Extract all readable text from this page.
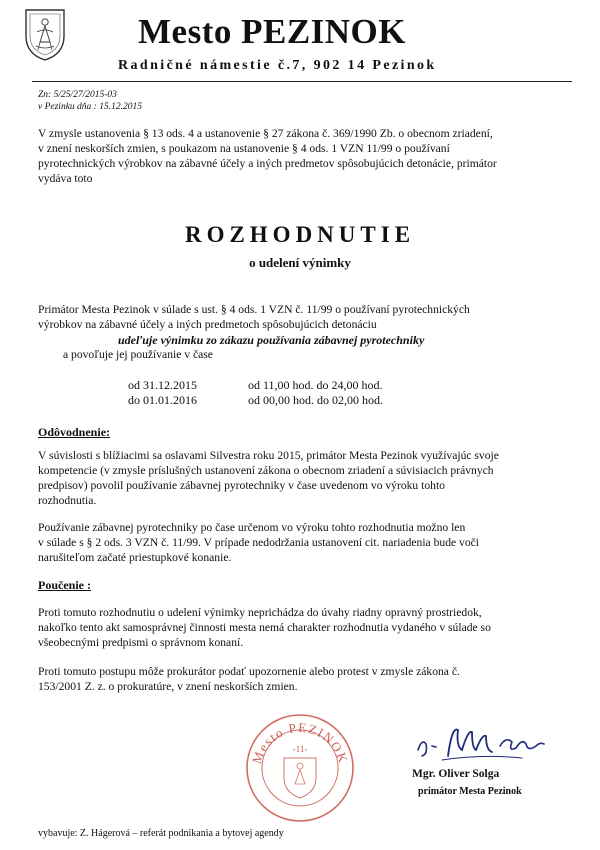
Mesto PEZINOK
Radničné námestie č.7, 902 14 Pezinok
Zn: 5/25/27/2015-03
v Pezinku dňa : 15.12.2015
V zmysle ustanovenia § 13 ods. 4 a ustanovenie § 27 zákona č. 369/1990 Zb. o obecnom zriadení,
v znení neskorších zmien, s poukazom na ustanovenie § 4 ods. 1 VZN 11/99 o používaní
pyrotechnických výrobkov na zábavné účely a iných predmetov spôsobujúcich detonácie, primátor
vydáva toto
ROZHODNUTIE
o udelení výnimky
Primátor Mesta Pezinok v súlade s ust. § 4 ods. 1 VZN č. 11/99 o používaní pyrotechnických
výrobkov na zábavné účely a iných predmetoch spôsobujúcich detonáciu
udeľuje výnimku zo zákazu používania zábavnej pyrotechniky
a povoľuje jej používanie v čase
od 31.12.2015	od 11,00 hod. do 24,00 hod.
do 01.01.2016	od 00,00 hod. do 02,00 hod.
Odôvodnenie:
V súvislosti s blížiacimi sa oslavami Silvestra roku 2015, primátor Mesta Pezinok využívajúc svoje
kompetencie (v zmysle príslušných ustanovení zákona o obecnom zriadení a súvisiacich právnych
predpisov) povolil používanie zábavnej pyrotechniky v čase uvedenom vo výroku tohto
rozhodnutia.
Používanie zábavnej pyrotechniky po čase určenom vo výroku tohto rozhodnutia možno len
v súlade s § 2 ods. 3 VZN č. 11/99. V prípade nedodržania ustanovení cit. nariadenia bude voči
narušiteľom začaté priestupkové konanie.
Poučenie :
Proti tomuto rozhodnutiu o udelení výnimky neprichádza do úvahy riadny opravný prostriedok,
nakoľko tento akt samosprávnej činnosti mesta nemá charakter rozhodnutia vydaného v súlade so
všeobecnými predpismi o správnom konaní.
Proti tomuto postupu môže prokurátor podať upozornenie alebo protest v zmysle zákona č.
153/2001 Z. z. o prokuratúre, v znení neskorších zmien.
Mesto PEZINOK
-11-
Mgr. Oliver Solga
primátor Mesta Pezinok
vybavuje: Z. Hágerová – referát podnikania a bytovej agendy
